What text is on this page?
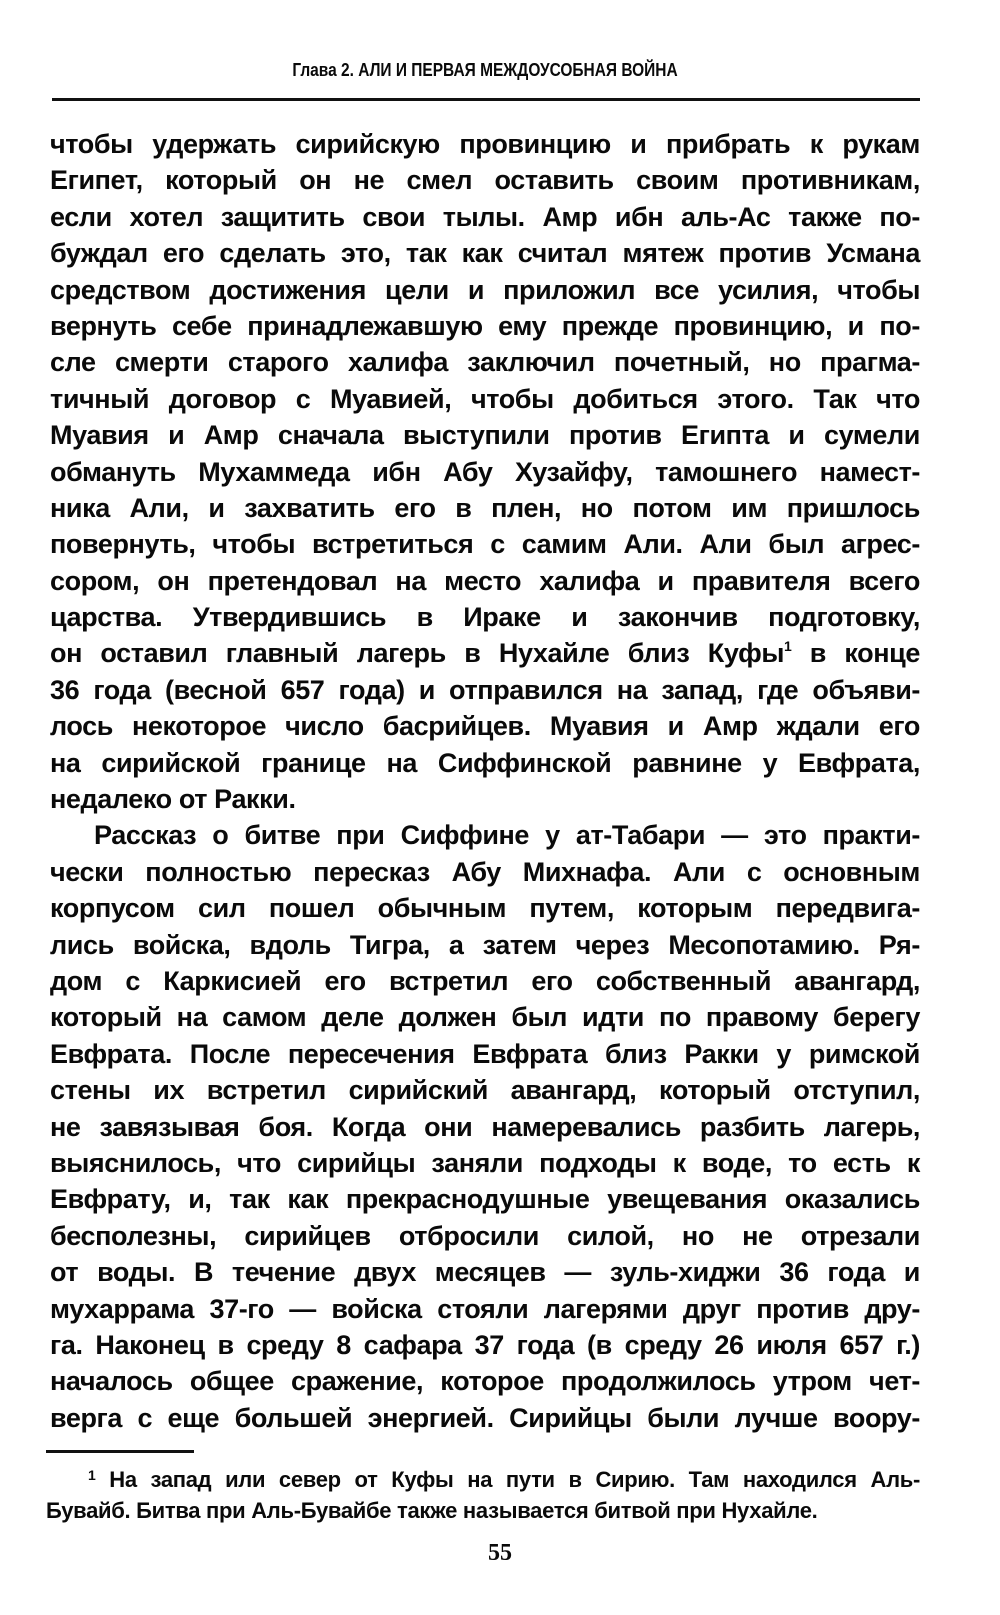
Глава 2. АЛИ И ПЕРВАЯ МЕЖДОУСОБНАЯ ВОЙНА
чтобы удержать сирийскую провинцию и прибрать к рукам
Египет, который он не смел оставить своим противникам,
если хотел защитить свои тылы. Амр ибн аль-Ас также по-
буждал его сделать это, так как считал мятеж против Усмана
средством достижения цели и приложил все усилия, чтобы
вернуть себе принадлежавшую ему прежде провинцию, и по-
сле смерти старого халифа заключил почетный, но прагма-
тичный договор с Муавией, чтобы добиться этого. Так что
Муавия и Амр сначала выступили против Египта и сумели
обмануть Мухаммеда ибн Абу Хузайфу, тамошнего намест-
ника Али, и захватить его в плен, но потом им пришлось
повернуть, чтобы встретиться с самим Али. Али был агрес-
сором, он претендовал на место халифа и правителя всего
царства. Утвердившись в Ираке и закончив подготовку,
он оставил главный лагерь в Нухайле близ Куфы$^1$ в конце
36 года (весной 657 года) и отправился на запад, где объяви-
лось некоторое число басрийцев. Муавия и Амр ждали его
на сирийской границе на Сиффинской равнине у Евфрата,
недалеко от Ракки.
Рассказ о битве при Сиффине у ат-Табари — это практи-
чески полностью пересказ Абу Михнафа. Али с основным
корпусом сил пошел обычным путем, которым передвига-
лись войска, вдоль Тигра, а затем через Месопотамию. Ря-
дом с Каркисией его встретил его собственный авангард,
который на самом деле должен был идти по правому берегу
Евфрата. После пересечения Евфрата близ Ракки у римской
стены их встретил сирийский авангард, который отступил,
не завязывая боя. Когда они намеревались разбить лагерь,
выяснилось, что сирийцы заняли подходы к воде, то есть к
Евфрату, и, так как прекраснодушные увещевания оказались
бесполезны, сирийцев отбросили силой, но не отрезали
от воды. В течение двух месяцев — зуль-хиджи 36 года и
мухаррама 37-го — войска стояли лагерями друг против дру-
га. Наконец в среду 8 сафара 37 года (в среду 26 июля 657 г.)
началось общее сражение, которое продолжилось утром чет-
верга с еще большей энергией. Сирийцы были лучше воору-
$^1$ На запад или север от Куфы на пути в Сирию. Там находился Аль-
Бувайб. Битва при Аль-Бувайбе также называется битвой при Нухайле.
55
